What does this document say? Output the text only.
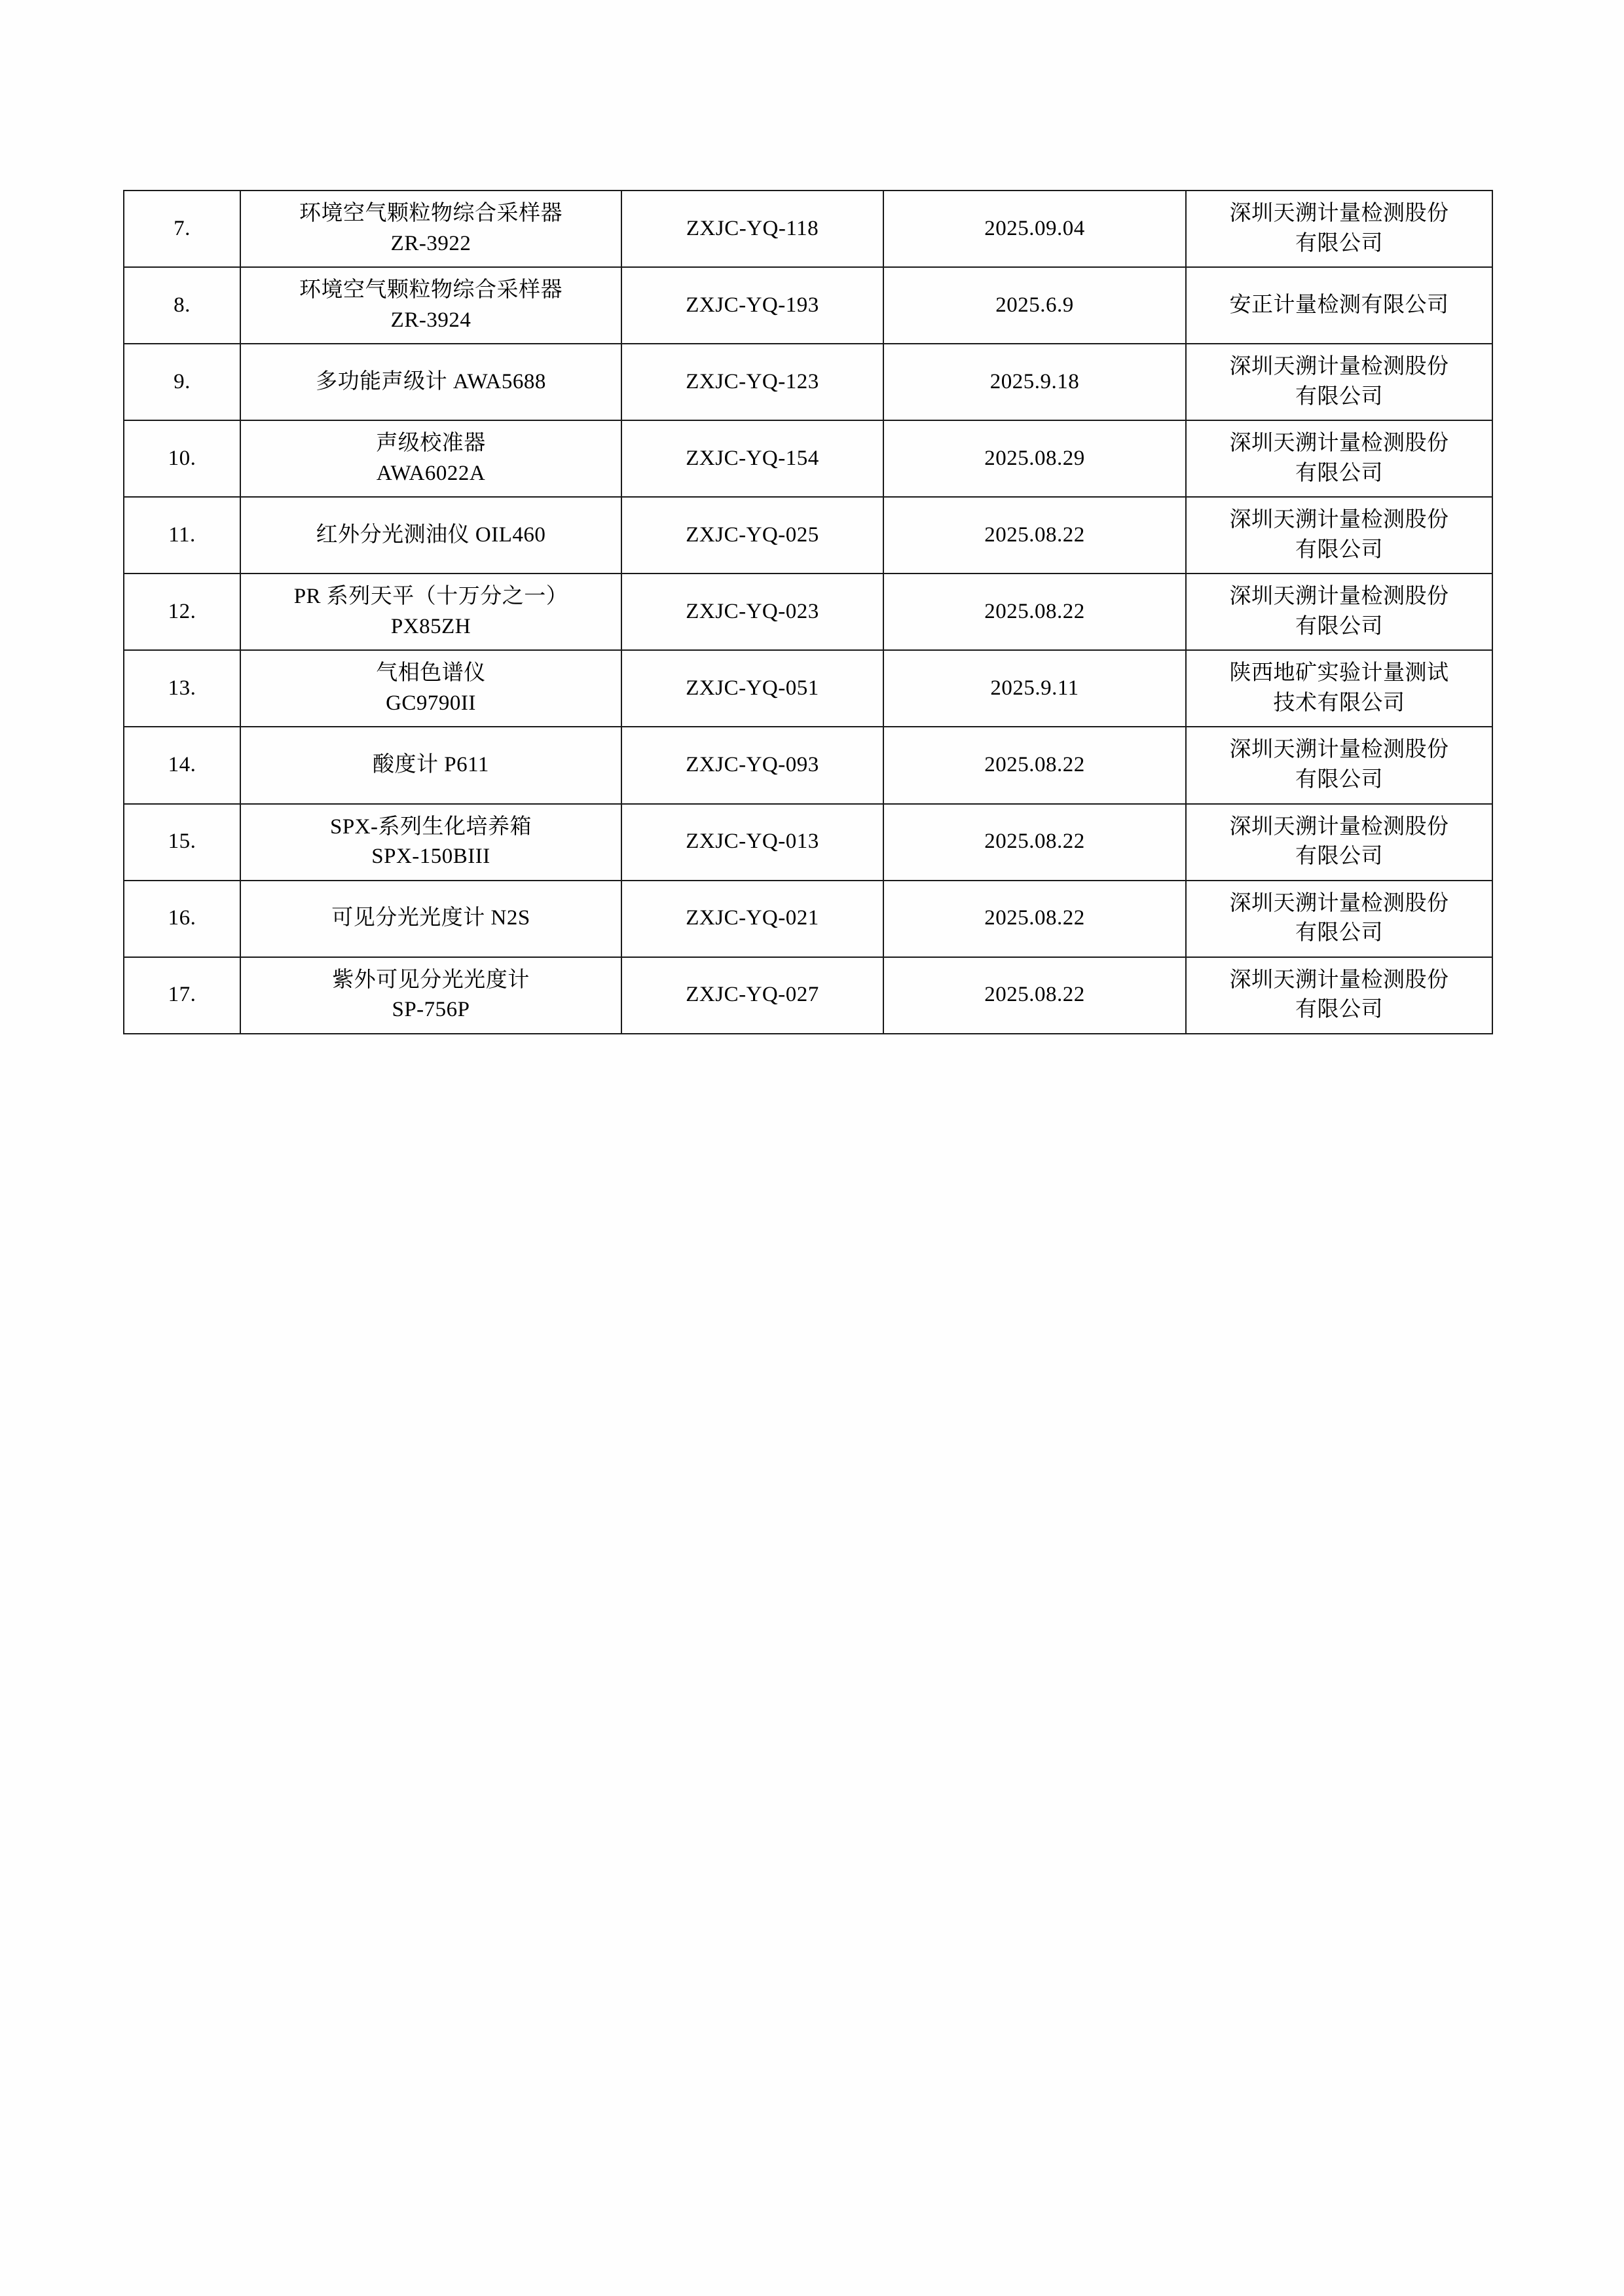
7.	环境空气颗粒物综合采样器
ZR-3922	ZXJC-YQ-118	2025.09.04	深圳天溯计量检测股份
有限公司

8.	环境空气颗粒物综合采样器
ZR-3924	ZXJC-YQ-193	2025.6.9	安正计量检测有限公司

9.	多功能声级计 AWA5688	ZXJC-YQ-123	2025.9.18	深圳天溯计量检测股份
有限公司

10.	声级校准器
AWA6022A	ZXJC-YQ-154	2025.08.29	深圳天溯计量检测股份
有限公司

11.	红外分光测油仪 OIL460	ZXJC-YQ-025	2025.08.22	深圳天溯计量检测股份
有限公司

12.	PR 系列天平（十万分之一）
PX85ZH	ZXJC-YQ-023	2025.08.22	深圳天溯计量检测股份
有限公司

13.	气相色谱仪
GC9790II	ZXJC-YQ-051	2025.9.11	陕西地矿实验计量测试
技术有限公司

14.	酸度计 P611	ZXJC-YQ-093	2025.08.22	深圳天溯计量检测股份
有限公司

15.	SPX-系列生化培养箱
SPX-150BIII	ZXJC-YQ-013	2025.08.22	深圳天溯计量检测股份
有限公司

16.	可见分光光度计 N2S	ZXJC-YQ-021	2025.08.22	深圳天溯计量检测股份
有限公司

17.	紫外可见分光光度计
SP-756P	ZXJC-YQ-027	2025.08.22	深圳天溯计量检测股份
有限公司
